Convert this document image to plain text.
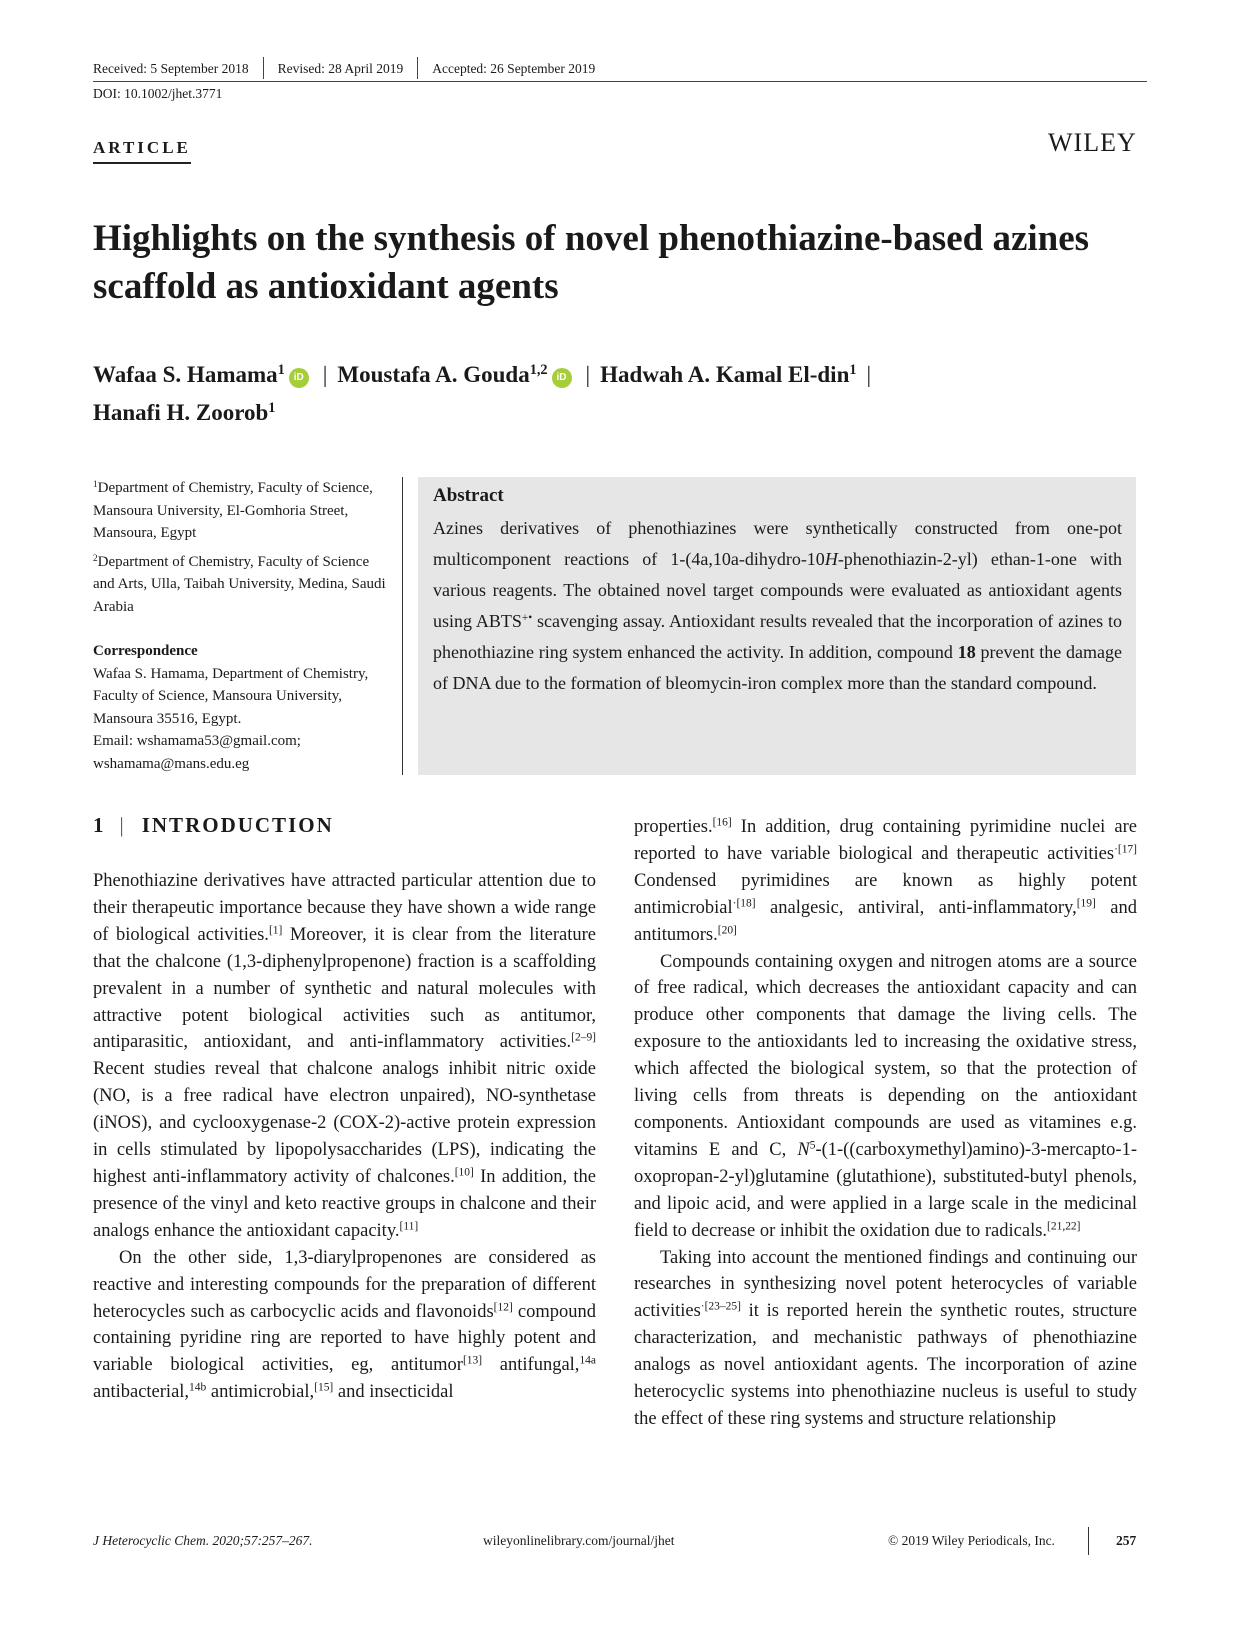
Received: 5 September 2018 Revised: 28 April 2019 Accepted: 26 September 2019
DOI: 10.1002/jhet.3771
ARTICLE	WILEY
Highlights on the synthesis of novel phenothiazine-based azines scaffold as antioxidant agents
Wafaa S. Hamama$^1$ iD | Moustafa A. Gouda$^{1,2}$ iD | Hadwah A. Kamal El-din$^1$ |
Hanafi H. Zoorob$^1$

$^1$Department of Chemistry, Faculty of Science, Mansoura University, El-Gomhoria Street, Mansoura, Egypt

$^2$Department of Chemistry, Faculty of Science and Arts, Ulla, Taibah University, Medina, Saudi Arabia

Correspondence

Wafaa S. Hamama, Department of Chemistry, Faculty of Science, Mansoura University, Mansoura 35516, Egypt.
Email: wshamama53@gmail.com; wshamama@mans.edu.eg

Abstract
Azines derivatives of phenothiazines were synthetically constructed from one-pot multicomponent reactions of 1-(4a,10a-dihydro-10H-phenothiazin-2-yl) ethan-1-one with various reagents. The obtained novel target compounds were evaluated as antioxidant agents using ABTS+• scavenging assay. Antioxidant results revealed that the incorporation of azines to phenothiazine ring system enhanced the activity. In addition, compound 18 prevent the damage of DNA due to the formation of bleomycin-iron complex more than the standard compound.
1 | INTRODUCTION

Phenothiazine derivatives have attracted particular attention due to their therapeutic importance because they have shown a wide range of biological activities.[1] Moreover, it is clear from the literature that the chalcone (1,3-diphenylpropenone) fraction is a scaffolding prevalent in a number of synthetic and natural molecules with attractive potent biological activities such as antitumor, antiparasitic, antioxidant, and anti-inflammatory activities.[2–9] Recent studies reveal that chalcone analogs inhibit nitric oxide (NO, is a free radical have electron unpaired), NO-synthetase (iNOS), and cyclooxygenase-2 (COX-2)-active protein expression in cells stimulated by lipopolysaccharides (LPS), indicating the highest anti-inflammatory activity of chalcones.[10] In addition, the presence of the vinyl and keto reactive groups in chalcone and their analogs enhance the antioxidant capacity.[11]

On the other side, 1,3-diarylpropenones are considered as reactive and interesting compounds for the preparation of different heterocycles such as carbocyclic acids and flavonoids[12] compound containing pyridine ring are reported to have highly potent and variable biological activities, eg, antitumor[13] antifungal,$^{14a}$ antibacterial,$^{14b}$ antimicrobial,[15] and insecticidal

properties.[16] In addition, drug containing pyrimidine nuclei are reported to have variable biological and therapeutic activities$^{\cdot[17]}$ Condensed pyrimidines are known as highly potent antimicrobial$^{\cdot[18]}$ analgesic, antiviral, anti-inflammatory,[19] and antitumors.[20]

Compounds containing oxygen and nitrogen atoms are a source of free radical, which decreases the antioxidant capacity and can produce other components that damage the living cells. The exposure to the antioxidants led to increasing the oxidative stress, which affected the biological system, so that the protection of living cells from threats is depending on the antioxidant components. Antioxidant compounds are used as vitamines e.g. vitamins E and C, $N^5-(1-((carboxymethyl)amino)-3-mercapto-1-oxopropan-2-yl)glutamine$ (glutathione), substituted-butyl phenols, and lipoic acid, and were applied in a large scale in the medicinal field to decrease or inhibit the oxidation due to radicals.[21,22]

Taking into account the mentioned findings and continuing our researches in synthesizing novel potent heterocycles of variable activities$^{\cdot[23-25]}$ it is reported herein the synthetic routes, structure characterization, and mechanistic pathways of phenothiazine analogs as novel antioxidant agents. The incorporation of azine heterocyclic systems into phenothiazine nucleus is useful to study the effect of these ring systems and structure relationship

J Heterocyclic Chem. 2020;57:257–267.	wileyonlinelibrary.com/journal/jhet	© 2019 Wiley Periodicals, Inc.	257
